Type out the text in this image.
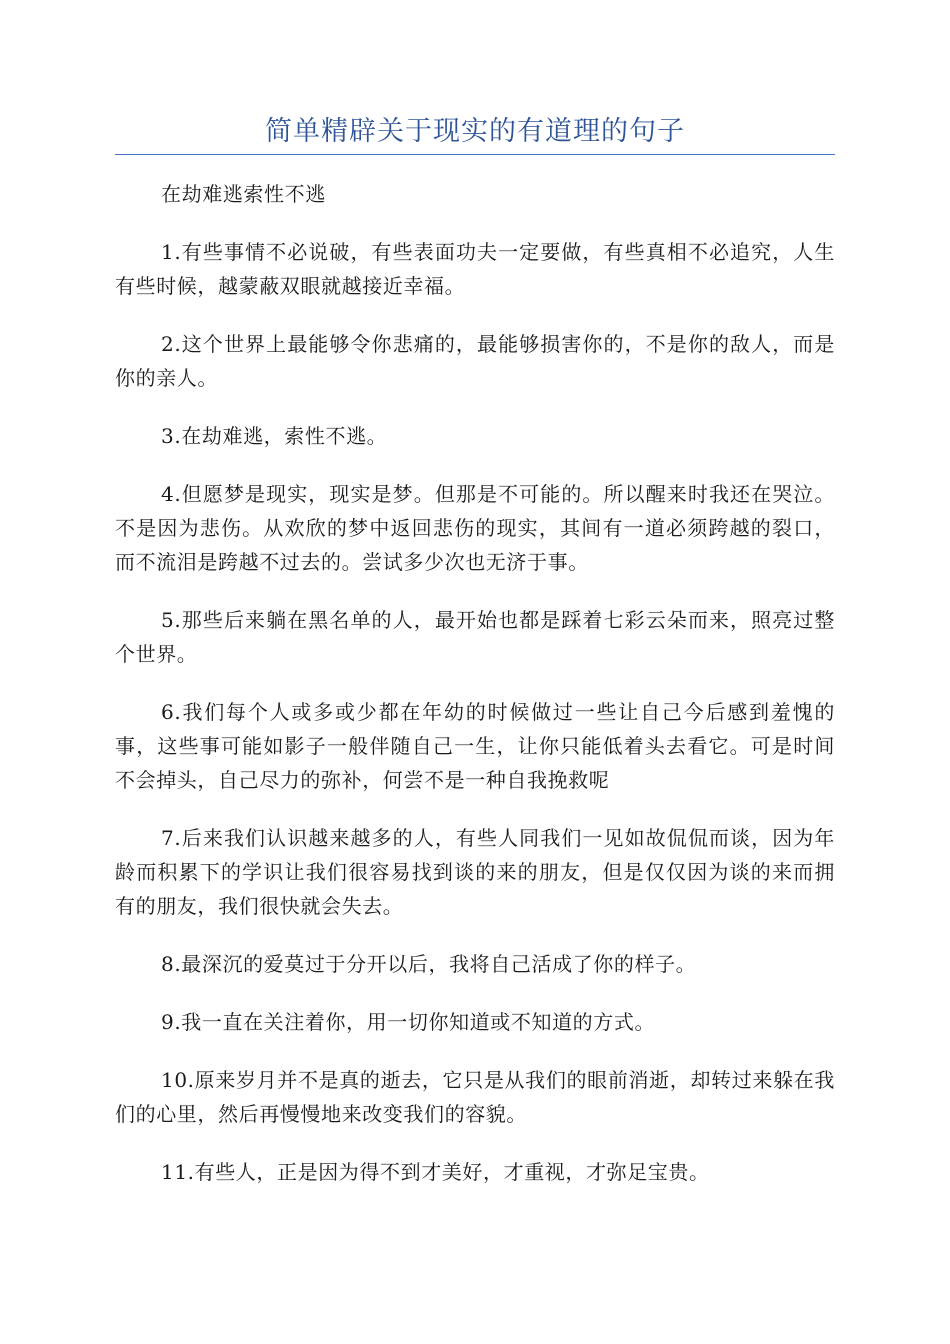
简单精辟关于现实的有道理的句子

在劫难逃索性不逃

1.有些事情不必说破，有些表面功夫一定要做，有些真相不必追究，人生有些时候，越蒙蔽双眼就越接近幸福。

2.这个世界上最能够令你悲痛的，最能够损害你的，不是你的敌人，而是你的亲人。

3.在劫难逃，索性不逃。

4.但愿梦是现实，现实是梦。但那是不可能的。所以醒来时我还在哭泣。不是因为悲伤。从欢欣的梦中返回悲伤的现实，其间有一道必须跨越的裂口，而不流泪是跨越不过去的。尝试多少次也无济于事。

5.那些后来躺在黑名单的人，最开始也都是踩着七彩云朵而来，照亮过整个世界。

6.我们每个人或多或少都在年幼的时候做过一些让自己今后感到羞愧的事，这些事可能如影子一般伴随自己一生，让你只能低着头去看它。可是时间不会掉头，自己尽力的弥补，何尝不是一种自我挽救呢

7.后来我们认识越来越多的人，有些人同我们一见如故侃侃而谈，因为年龄而积累下的学识让我们很容易找到谈的来的朋友，但是仅仅因为谈的来而拥有的朋友，我们很快就会失去。

8.最深沉的爱莫过于分开以后，我将自己活成了你的样子。

9.我一直在关注着你，用一切你知道或不知道的方式。

10.原来岁月并不是真的逝去，它只是从我们的眼前消逝，却转过来躲在我们的心里，然后再慢慢地来改变我们的容貌。

11.有些人，正是因为得不到才美好，才重视，才弥足宝贵。
